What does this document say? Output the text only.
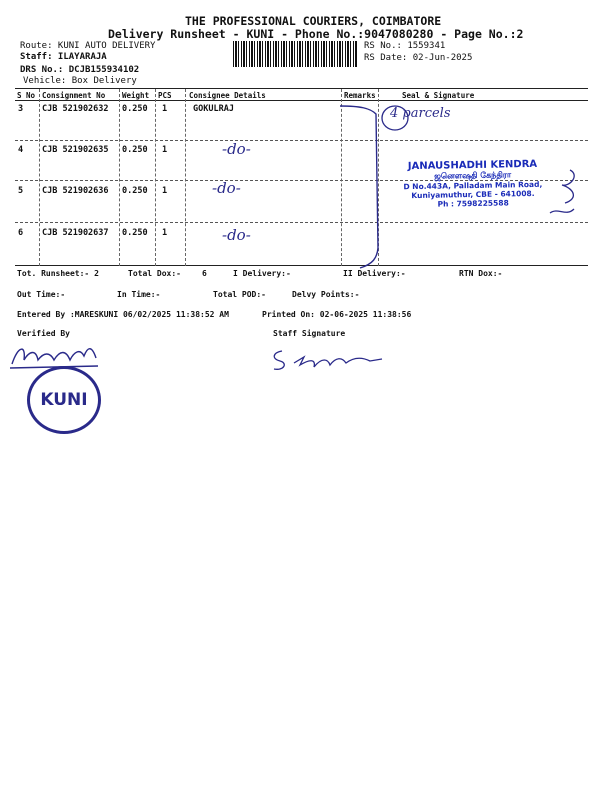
THE PROFESSIONAL COURIERS, COIMBATORE
Delivery Runsheet - KUNI - Phone No.:9047080280 - Page No.:2
Route: KUNI AUTO DELIVERY
Staff: ILAYARAJA
DRS No.: DCJB155934102
Vehicle: Box Delivery
RS No.: 1559341
RS Date: 02-Jun-2025
S No Consignment No Weight PCS Consignee Details	Remarks	Seal & Signature
3 CJB 521902632 0.250 1	GOKULRAJ
4 CJB 521902635 0.250 1	-do-
5 CJB 521902636 0.250 1	-do-
6 CJB 521902637 0.250 1	-do-
4 parcels
JANAUSHADHI KENDRA
ஜனௌஷதி கேந்திரா
D No.443A, Palladam Main Road,
Kuniyamuthur, CBE - 641008.
Ph : 7598225588
Tot. Runsheet:- 2	Total Dox:-	6	I Delivery:-	II Delivery:-	RTN Dox:-
Out Time:-	In Time:-	Total POD:-	Delvy Points:-
Entered By :MARESKUNI 06/02/2025 11:38:52 AM	Printed On: 02-06-2025 11:38:56
Verified By	Staff Signature
KUNI
